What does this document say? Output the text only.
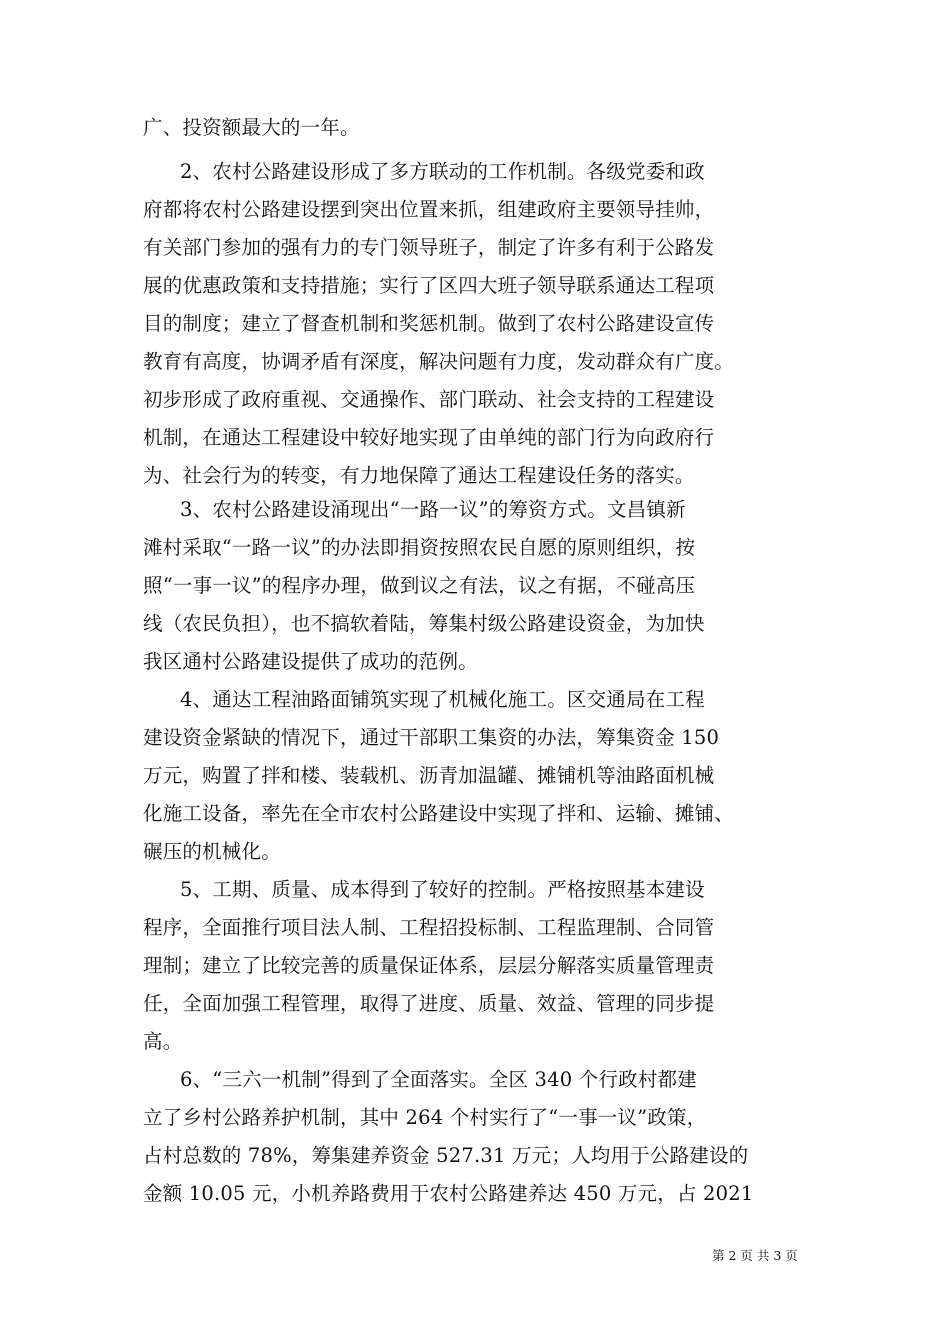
广、投资额最大的一年。
2、农村公路建设形成了多方联动的工作机制。各级党委和政
府都将农村公路建设摆到突出位置来抓，组建政府主要领导挂帅，
有关部门参加的强有力的专门领导班子，制定了许多有利于公路发
展的优惠政策和支持措施；实行了区四大班子领导联系通达工程项
目的制度；建立了督查机制和奖惩机制。做到了农村公路建设宣传
教育有高度，协调矛盾有深度，解决问题有力度，发动群众有广度。
初步形成了政府重视、交通操作、部门联动、社会支持的工程建设
机制，在通达工程建设中较好地实现了由单纯的部门行为向政府行
为、社会行为的转变，有力地保障了通达工程建设任务的落实。
3、农村公路建设涌现出“一路一议”的筹资方式。文昌镇新
滩村采取“一路一议”的办法即捐资按照农民自愿的原则组织，按
照“一事一议”的程序办理，做到议之有法，议之有据，不碰高压
线（农民负担），也不搞软着陆，筹集村级公路建设资金，为加快
我区通村公路建设提供了成功的范例。
4、通达工程油路面铺筑实现了机械化施工。区交通局在工程
建设资金紧缺的情况下，通过干部职工集资的办法，筹集资金 150
万元，购置了拌和楼、装载机、沥青加温罐、摊铺机等油路面机械
化施工设备，率先在全市农村公路建设中实现了拌和、运输、摊铺、
碾压的机械化。
5、工期、质量、成本得到了较好的控制。严格按照基本建设
程序，全面推行项目法人制、工程招投标制、工程监理制、合同管
理制；建立了比较完善的质量保证体系，层层分解落实质量管理责
任，全面加强工程管理，取得了进度、质量、效益、管理的同步提
高。
6、“三六一机制”得到了全面落实。全区 340 个行政村都建
立了乡村公路养护机制，其中 264 个村实行了“一事一议”政策，
占村总数的 78%，筹集建养资金 527.31 万元；人均用于公路建设的
金额 10.05 元，小机养路费用于农村公路建养达 450 万元，占 2021
第 2 页 共 3 页
